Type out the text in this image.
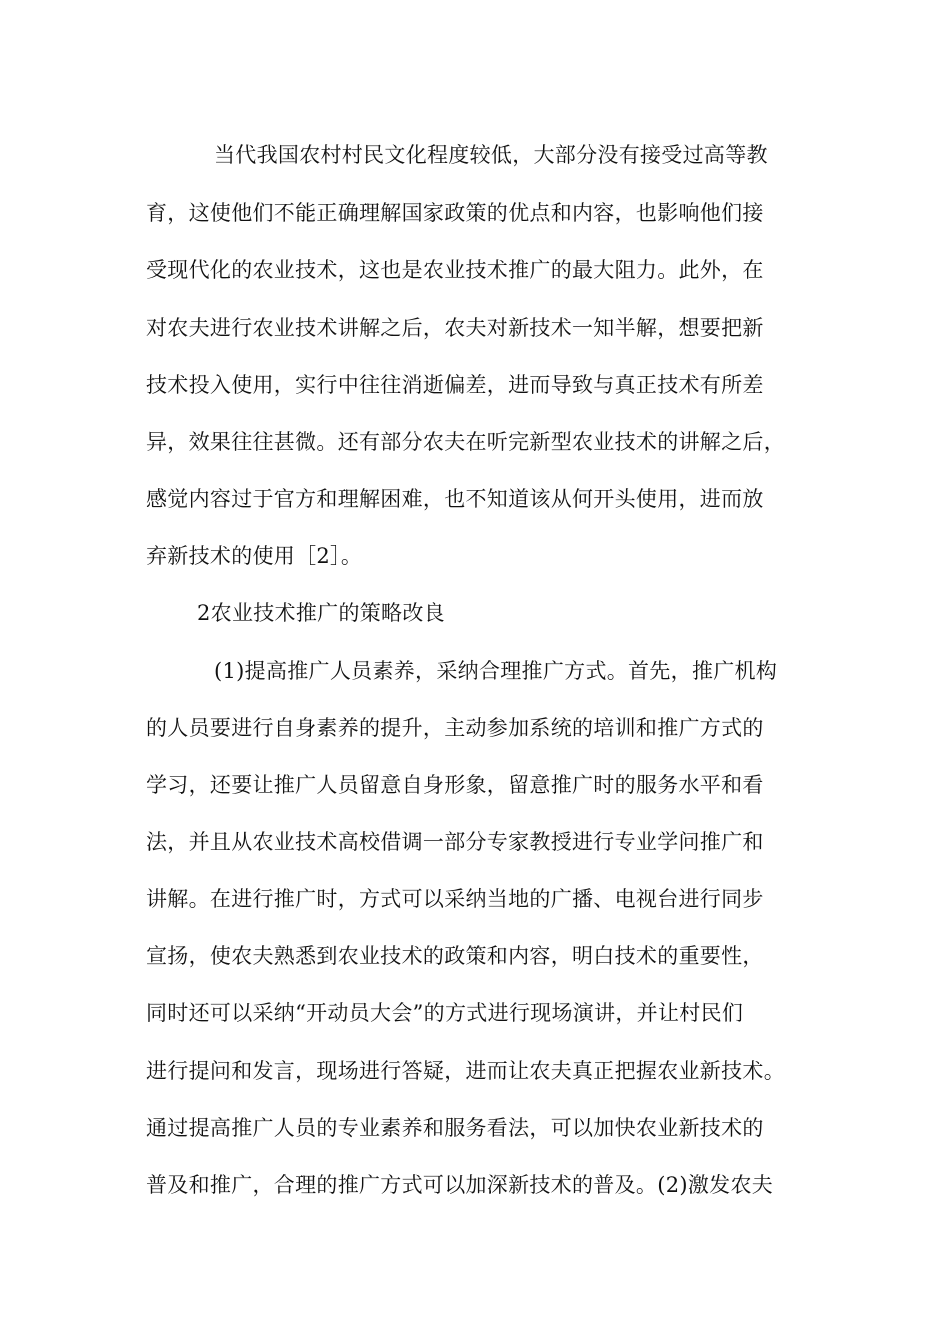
当代我国农村村民文化程度较低，大部分没有接受过高等教
育，这使他们不能正确理解国家政策的优点和内容，也影响他们接
受现代化的农业技术，这也是农业技术推广的最大阻力。此外，在
对农夫进行农业技术讲解之后，农夫对新技术一知半解，想要把新
技术投入使用，实行中往往消逝偏差，进而导致与真正技术有所差
异，效果往往甚微。还有部分农夫在听完新型农业技术的讲解之后，
感觉内容过于官方和理解困难，也不知道该从何开头使用，进而放
弃新技术的使用［2］。
2农业技术推广的策略改良
(1)提高推广人员素养，采纳合理推广方式。首先，推广机构
的人员要进行自身素养的提升，主动参加系统的培训和推广方式的
学习，还要让推广人员留意自身形象，留意推广时的服务水平和看
法，并且从农业技术高校借调一部分专家教授进行专业学问推广和
讲解。在进行推广时，方式可以采纳当地的广播、电视台进行同步
宣扬，使农夫熟悉到农业技术的政策和内容，明白技术的重要性，
同时还可以采纳“开动员大会”的方式进行现场演讲，并让村民们
进行提问和发言，现场进行答疑，进而让农夫真正把握农业新技术。
通过提高推广人员的专业素养和服务看法，可以加快农业新技术的
普及和推广，合理的推广方式可以加深新技术的普及。(2)激发农夫
